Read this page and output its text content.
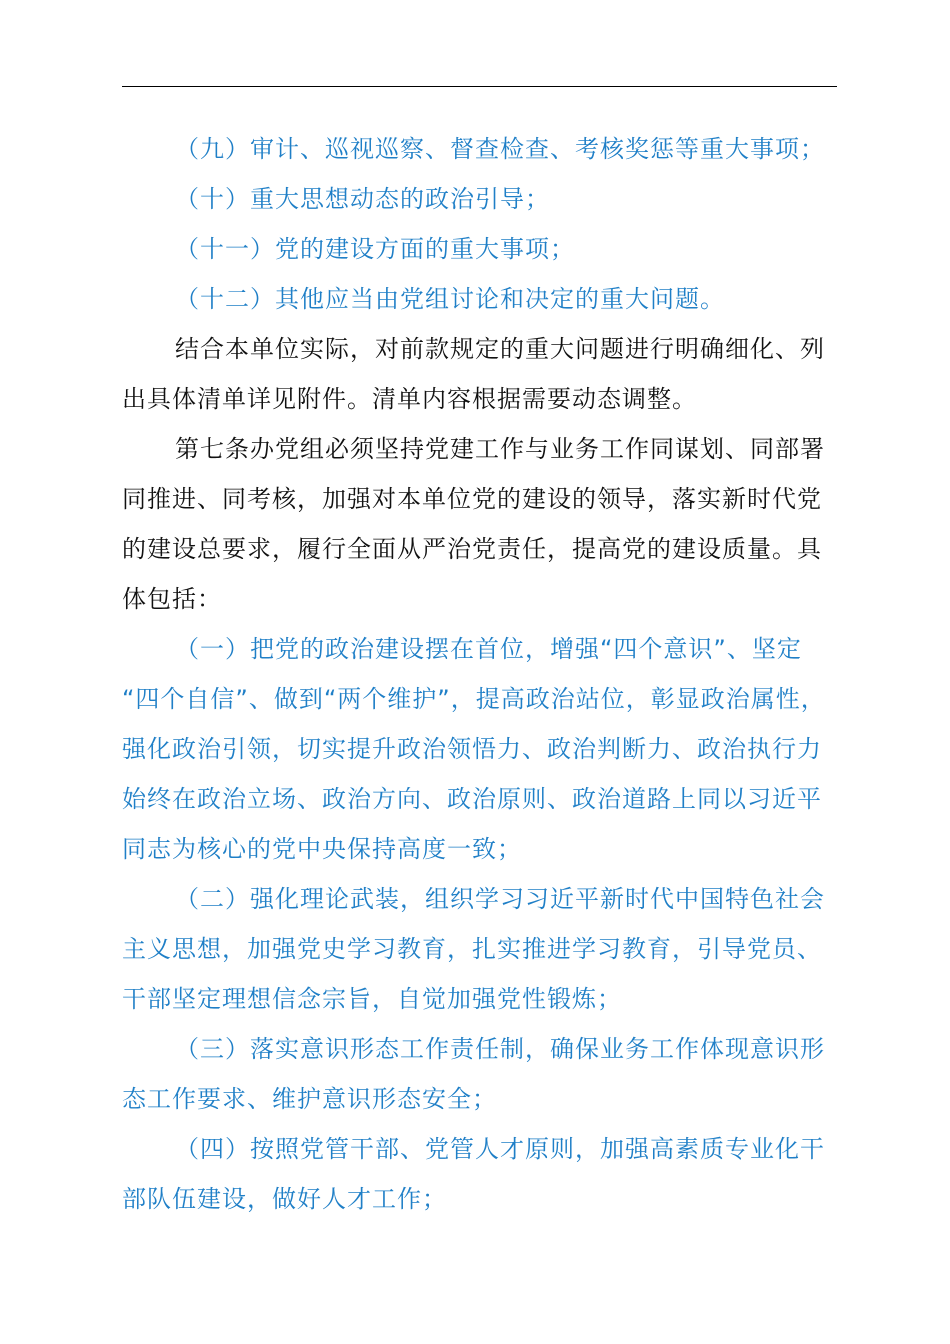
（九）审计、巡视巡察、督查检查、考核奖惩等重大事项；
（十）重大思想动态的政治引导；
（十一）党的建设方面的重大事项；
（十二）其他应当由党组讨论和决定的重大问题。
结合本单位实际，对前款规定的重大问题进行明确细化、列
出具体清单详见附件。清单内容根据需要动态调整。
第七条办党组必须坚持党建工作与业务工作同谋划、同部署
同推进、同考核，加强对本单位党的建设的领导，落实新时代党
的建设总要求，履行全面从严治党责任，提高党的建设质量。具
体包括：
（一）把党的政治建设摆在首位，增强“四个意识”、坚定
“四个自信”、做到“两个维护”，提高政治站位，彰显政治属性，
强化政治引领，切实提升政治领悟力、政治判断力、政治执行力
始终在政治立场、政治方向、政治原则、政治道路上同以习近平
同志为核心的党中央保持高度一致；
（二）强化理论武装，组织学习习近平新时代中国特色社会
主义思想，加强党史学习教育，扎实推进学习教育，引导党员、
干部坚定理想信念宗旨，自觉加强党性锻炼；
（三）落实意识形态工作责任制，确保业务工作体现意识形
态工作要求、维护意识形态安全；
（四）按照党管干部、党管人才原则，加强高素质专业化干
部队伍建设，做好人才工作；
